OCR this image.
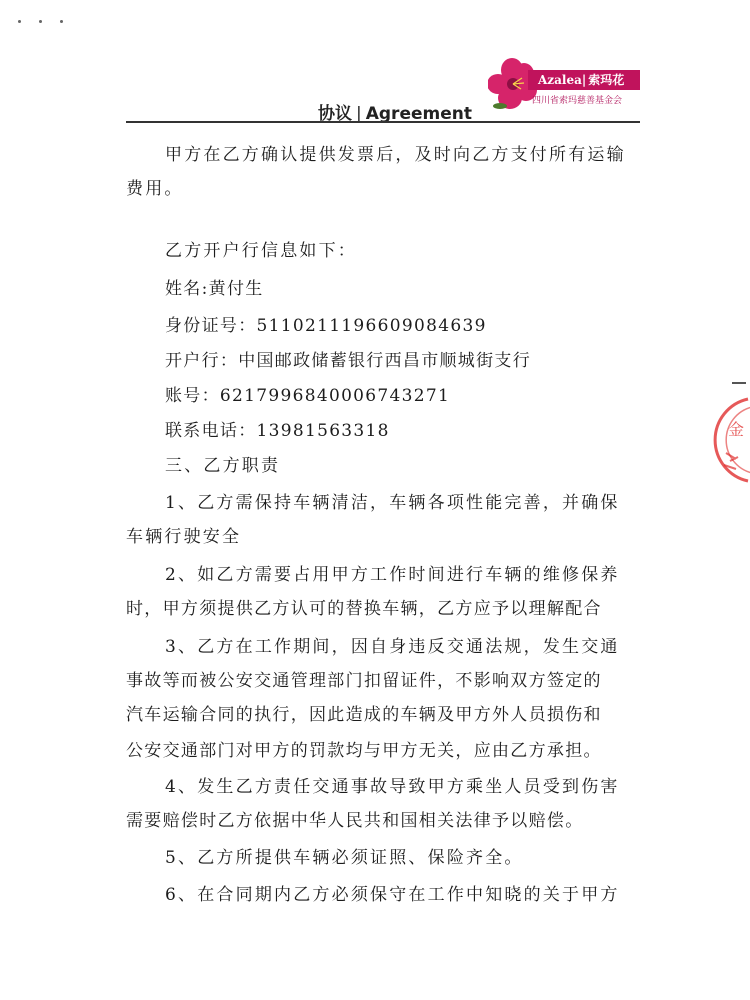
Azalea| 索玛花
四川省索玛慈善基金会
协议 | Agreement
甲方在乙方确认提供发票后，及时向乙方支付所有运输
费用。
乙方开户行信息如下：
姓名:黄付生
身份证号：5110211196609084639
开户行：中国邮政储蓄银行西昌市顺城街支行
账号：6217996840006743271
联系电话：13981563318
三、乙方职责
1、乙方需保持车辆清洁，车辆各项性能完善，并确保
车辆行驶安全
2、如乙方需要占用甲方工作时间进行车辆的维修保养
时，甲方须提供乙方认可的替换车辆，乙方应予以理解配合
3、乙方在工作期间，因自身违反交通法规，发生交通
事故等而被公安交通管理部门扣留证件，不影响双方签定的
汽车运输合同的执行，因此造成的车辆及甲方外人员损伤和
公安交通部门对甲方的罚款均与甲方无关，应由乙方承担。
4、发生乙方责任交通事故导致甲方乘坐人员受到伤害
需要赔偿时乙方依据中华人民共和国相关法律予以赔偿。
5、乙方所提供车辆必须证照、保险齐全。
6、在合同期内乙方必须保守在工作中知晓的关于甲方
金
